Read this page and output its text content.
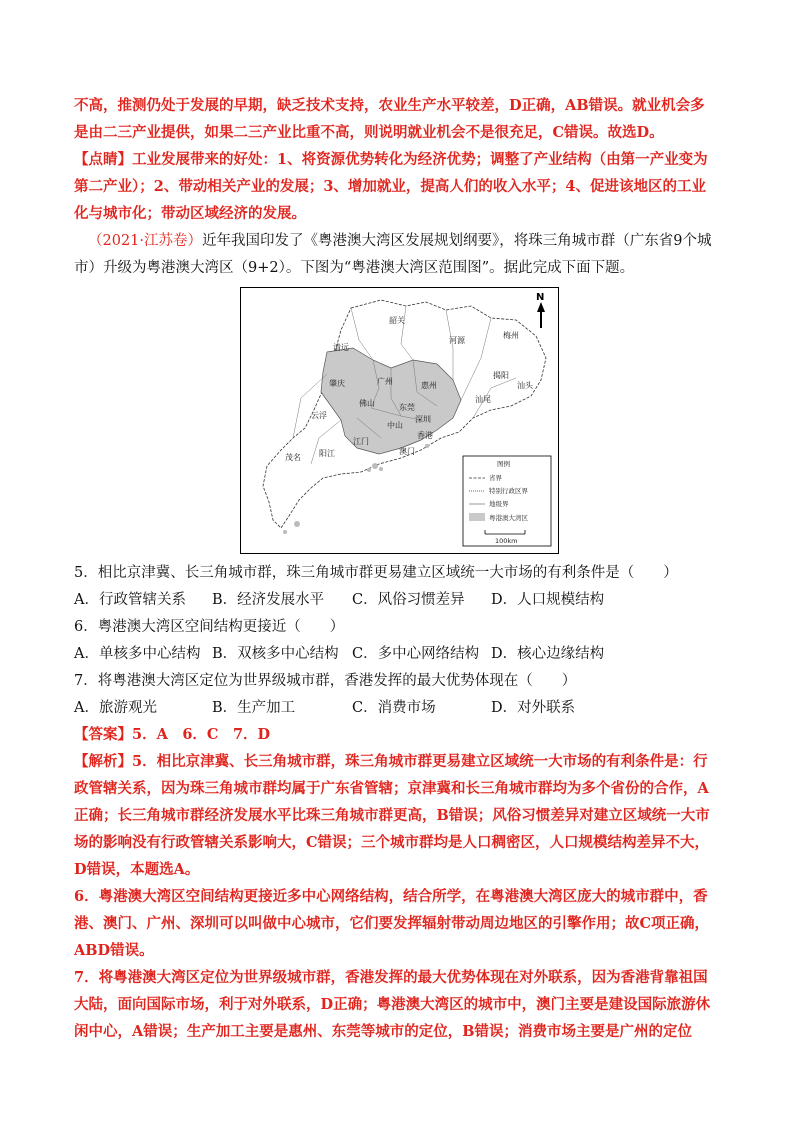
不高，推测仍处于发展的早期，缺乏技术支持，农业生产水平较差，D正确，AB错误。就业机会多
是由二三产业提供，如果二三产业比重不高，则说明就业机会不是很充足，C错误。故选D。
【点睛】工业发展带来的好处：1、将资源优势转化为经济优势；调整了产业结构（由第一产业变为
第二产业）；2、带动相关产业的发展；3、增加就业，提高人们的收入水平；4、促进该地区的工业
化与城市化；带动区域经济的发展。
（2021·江苏卷）近年我国印发了《粤港澳大湾区发展规划纲要》，将珠三角城市群（广东省9个城
市）升级为粤港澳大湾区（9+2）。下图为“粤港澳大湾区范围图”。据此完成下面下题。
N
韶关
清远
河源
梅州
肇庆	广州	惠州
佛山	东莞
深圳
中山
江门
香港
澳门
云浮
阳江
茂名
汕尾
揭阳
汕头
图例
省界
特别行政区界
地级界
粤港澳大湾区
100km
5．相比京津冀、长三角城市群，珠三角城市群更易建立区域统一大市场的有利条件是（　　）
A．行政管辖关系 B．经济发展水平 C．风俗习惯差异 D．人口规模结构
6．粤港澳大湾区空间结构更接近（　　）
A．单核多中心结构 B．双核多中心结构 C．多中心网络结构 D．核心边缘结构
7．将粤港澳大湾区定位为世界级城市群，香港发挥的最大优势体现在（　　）
A．旅游观光	B．生产加工	C．消费市场	D．对外联系
【答案】5．A　6．C　7．D
【解析】5．相比京津冀、长三角城市群，珠三角城市群更易建立区域统一大市场的有利条件是：行
政管辖关系，因为珠三角城市群均属于广东省管辖；京津冀和长三角城市群均为多个省份的合作，A
正确；长三角城市群经济发展水平比珠三角城市群更高，B错误；风俗习惯差异对建立区域统一大市
场的影响没有行政管辖关系影响大，C错误；三个城市群均是人口稠密区，人口规模结构差异不大，
D错误，本题选A。
6．粤港澳大湾区空间结构更接近多中心网络结构，结合所学，在粤港澳大湾区庞大的城市群中，香
港、澳门、广州、深圳可以叫做中心城市，它们要发挥辐射带动周边地区的引擎作用；故C项正确，
ABD错误。
7．将粤港澳大湾区定位为世界级城市群，香港发挥的最大优势体现在对外联系，因为香港背靠祖国
大陆，面向国际市场，利于对外联系，D正确；粤港澳大湾区的城市中，澳门主要是建设国际旅游休
闲中心，A错误；生产加工主要是惠州、东莞等城市的定位，B错误；消费市场主要是广州的定位
